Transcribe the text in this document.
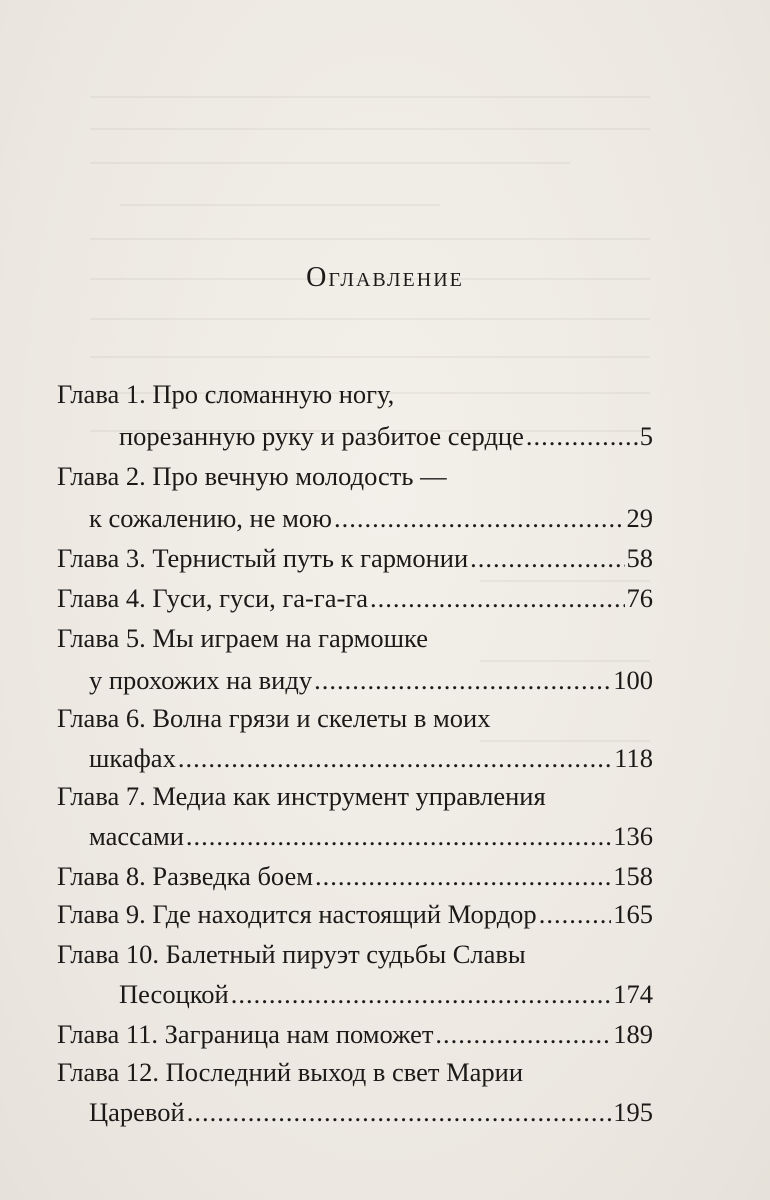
Оглавление
Глава 1. Про сломанную ногу,
порезанную руку и разбитое сердце .....	5
Глава 2. Про вечную молодость —
к сожалению, не мою .....	29
Глава 3. Тернистый путь к гармонии .....	58
Глава 4. Гуси, гуси, га-га-га .....	76
Глава 5. Мы играем на гармошке
у прохожих на виду .....	100
Глава 6. Волна грязи и скелеты в моих
шкафах .....	118
Глава 7. Медиа как инструмент управления
массами .....	136
Глава 8. Разведка боем .....	158
Глава 9. Где находится настоящий Мордор .....	165
Глава 10. Балетный пируэт судьбы Славы
Песоцкой .....	174
Глава 11. Заграница нам поможет .....	189
Глава 12. Последний выход в свет Марии
Царевой .....	195
